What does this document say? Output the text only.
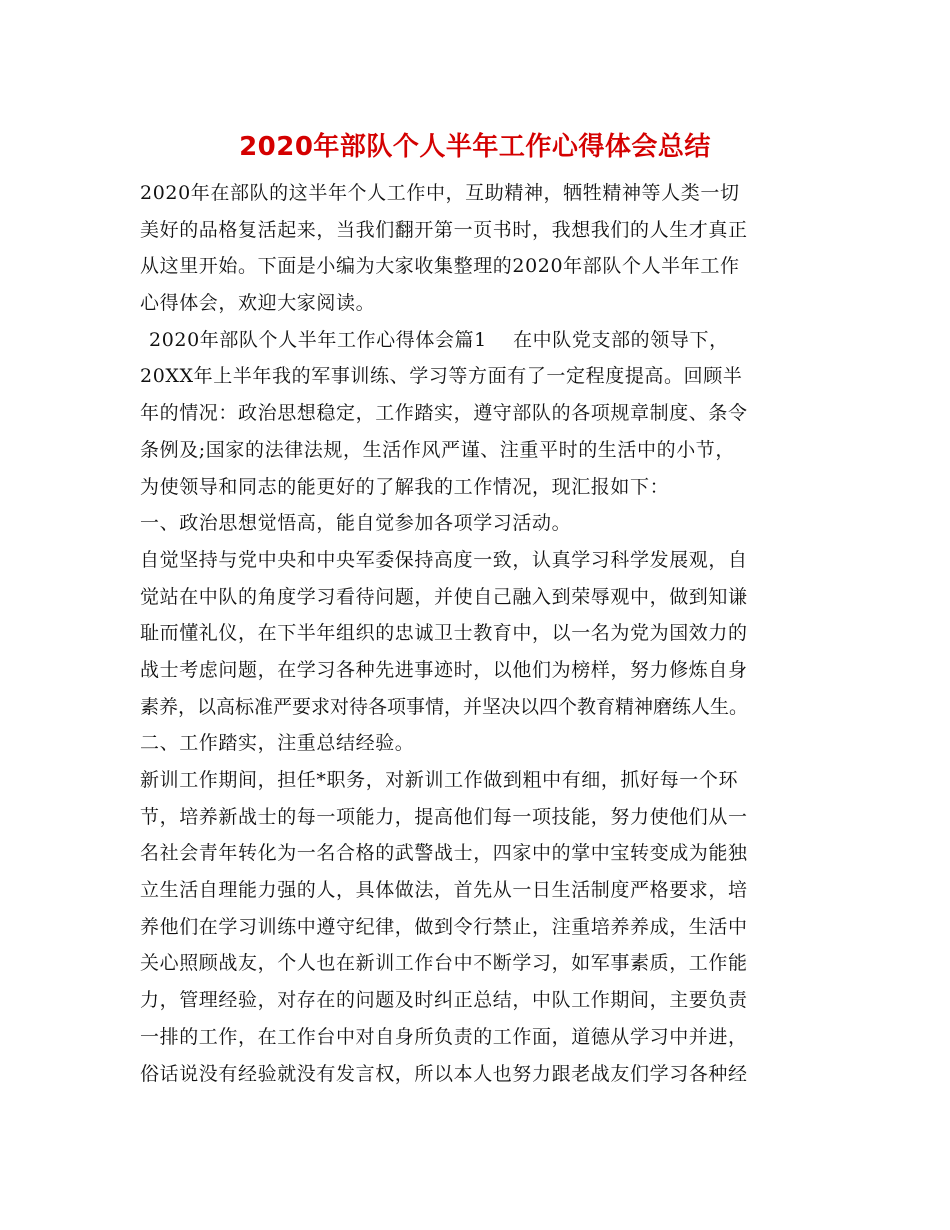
2020年部队个人半年工作心得体会总结
2020年在部队的这半年个人工作中，互助精神，牺牲精神等人类一切
美好的品格复活起来，当我们翻开第一页书时，我想我们的人生才真正
从这里开始。下面是小编为大家收集整理的2020年部队个人半年工作
心得体会，欢迎大家阅读。
2020年部队个人半年工作心得体会篇1　 在中队党支部的领导下，
20XX年上半年我的军事训练、学习等方面有了一定程度提高。回顾半
年的情况：政治思想稳定，工作踏实，遵守部队的各项规章制度、条令
条例及;国家的法律法规，生活作风严谨、注重平时的生活中的小节，
为使领导和同志的能更好的了解我的工作情况，现汇报如下：
一、政治思想觉悟高，能自觉参加各项学习活动。
自觉坚持与党中央和中央军委保持高度一致，认真学习科学发展观，自
觉站在中队的角度学习看待问题，并使自己融入到荣辱观中，做到知谦
耻而懂礼仪，在下半年组织的忠诚卫士教育中，以一名为党为国效力的
战士考虑问题，在学习各种先进事迹时，以他们为榜样，努力修炼自身
素养，以高标准严要求对待各项事情，并坚决以四个教育精神磨练人生。
二、工作踏实，注重总结经验。
新训工作期间，担任*职务，对新训工作做到粗中有细，抓好每一个环
节，培养新战士的每一项能力，提高他们每一项技能，努力使他们从一
名社会青年转化为一名合格的武警战士，四家中的掌中宝转变成为能独
立生活自理能力强的人，具体做法，首先从一日生活制度严格要求，培
养他们在学习训练中遵守纪律，做到令行禁止，注重培养养成，生活中
关心照顾战友，个人也在新训工作台中不断学习，如军事素质，工作能
力，管理经验，对存在的问题及时纠正总结，中队工作期间，主要负责
一排的工作，在工作台中对自身所负责的工作面，道德从学习中并进，
俗话说没有经验就没有发言权，所以本人也努力跟老战友们学习各种经
